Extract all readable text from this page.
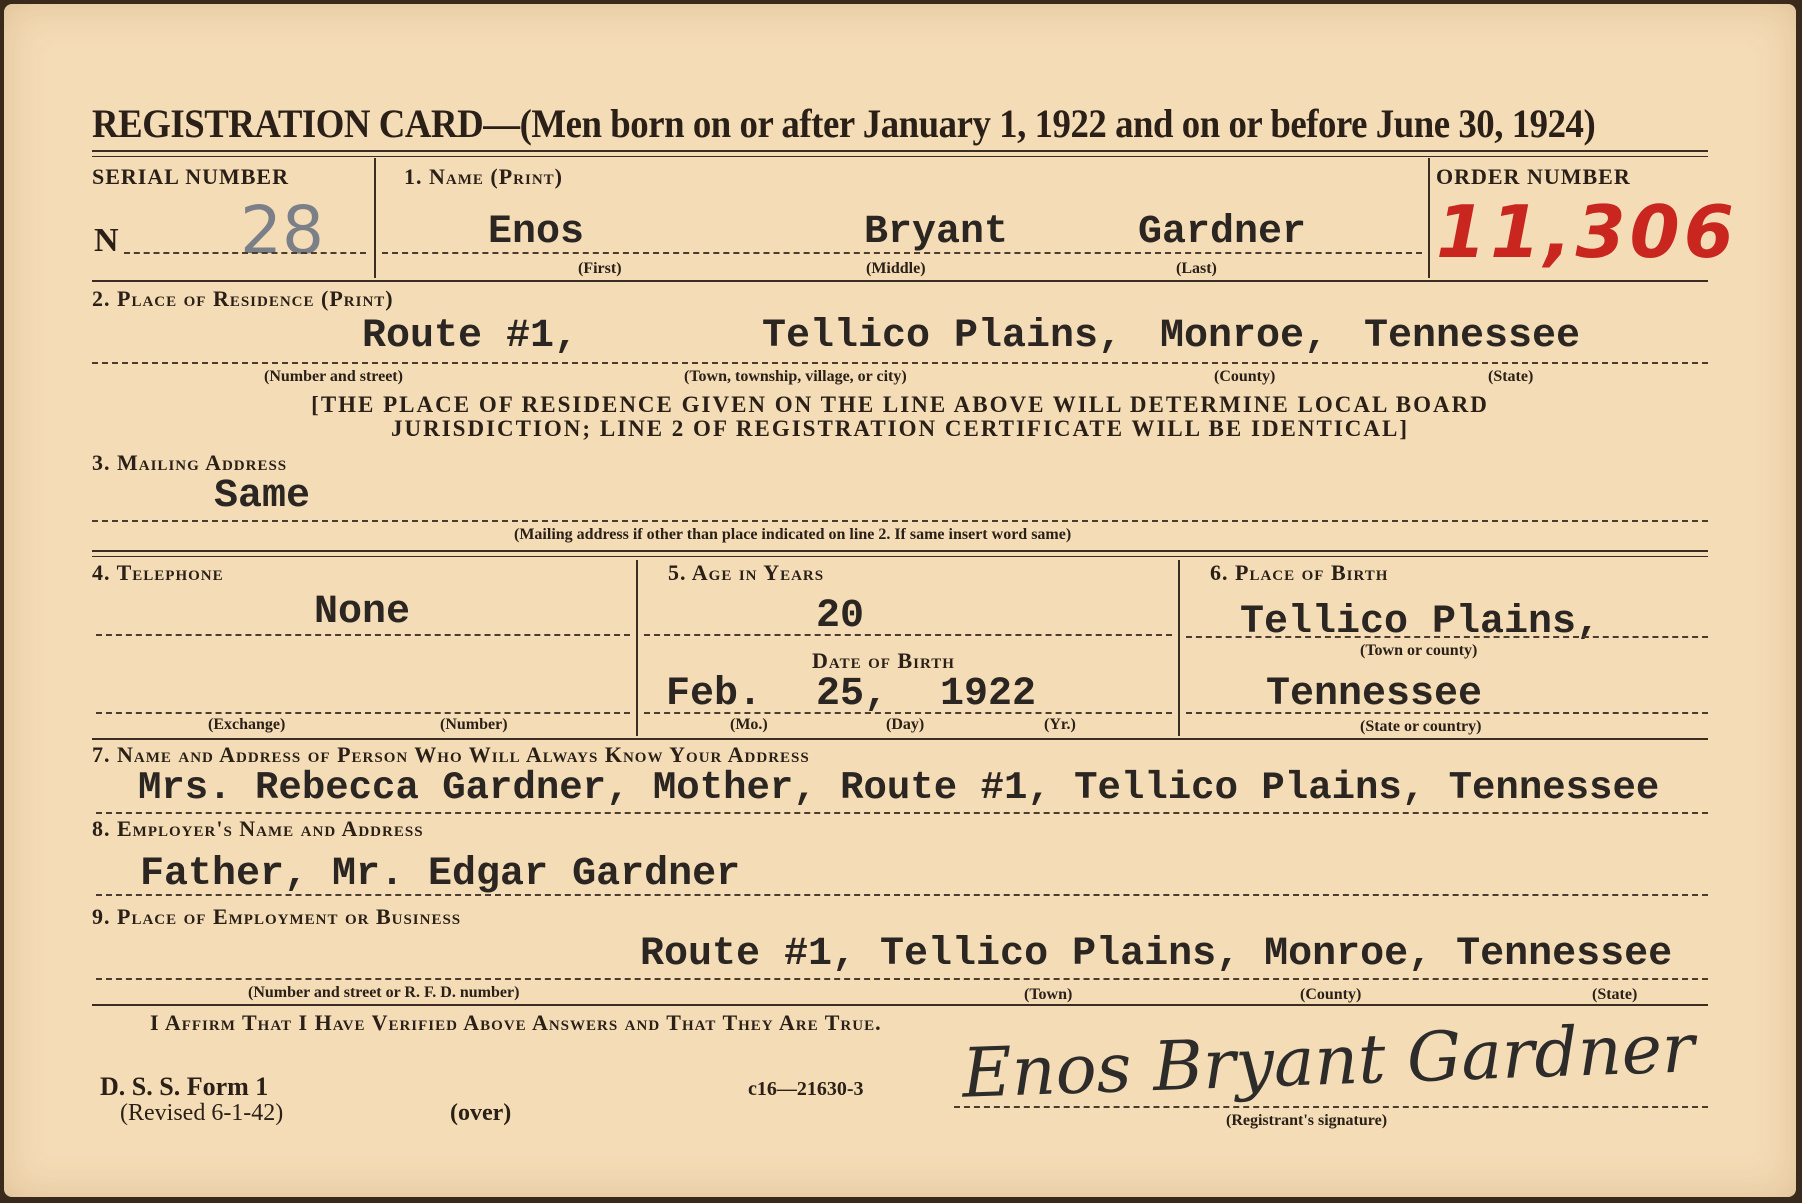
REGISTRATION CARD—(Men born on or after January 1, 1922 and on or before June 30, 1924)
SERIAL NUMBER
N 28
1. Name (Print)
Enos	Bryant	Gardner
(First)	(Middle)	(Last)
ORDER NUMBER
11,306
2. Place of Residence (Print)
Route #1,	Tellico Plains, Monroe, Tennessee
(Number and street)	(Town, township, village, or city)	(County)	(State)
[THE PLACE OF RESIDENCE GIVEN ON THE LINE ABOVE WILL DETERMINE LOCAL BOARD
JURISDICTION; LINE 2 OF REGISTRATION CERTIFICATE WILL BE IDENTICAL]
3. Mailing Address
Same
(Mailing address if other than place indicated on line 2. If same insert word same)
4. Telephone
None
(Exchange)	(Number)
5. Age in Years
20
Date of Birth
Feb. 25, 1922
(Mo.)	(Day)	(Yr.)
6. Place of Birth
Tellico Plains,
(Town or county)
Tennessee
(State or country)
7. Name and Address of Person Who Will Always Know Your Address
Mrs. Rebecca Gardner, Mother, Route #1, Tellico Plains, Tennessee
8. Employer's Name and Address
Father, Mr. Edgar Gardner
9. Place of Employment or Business
Route #1, Tellico Plains, Monroe, Tennessee
(Number and street or R. F. D. number)	(Town)	(County)	(State)
I Affirm That I Have Verified Above Answers and That They Are True.
D. S. S. Form 1
(Revised 6-1-42)	(over)
c16—21630-3 Enos Bryant Gardner
(Registrant's signature)
